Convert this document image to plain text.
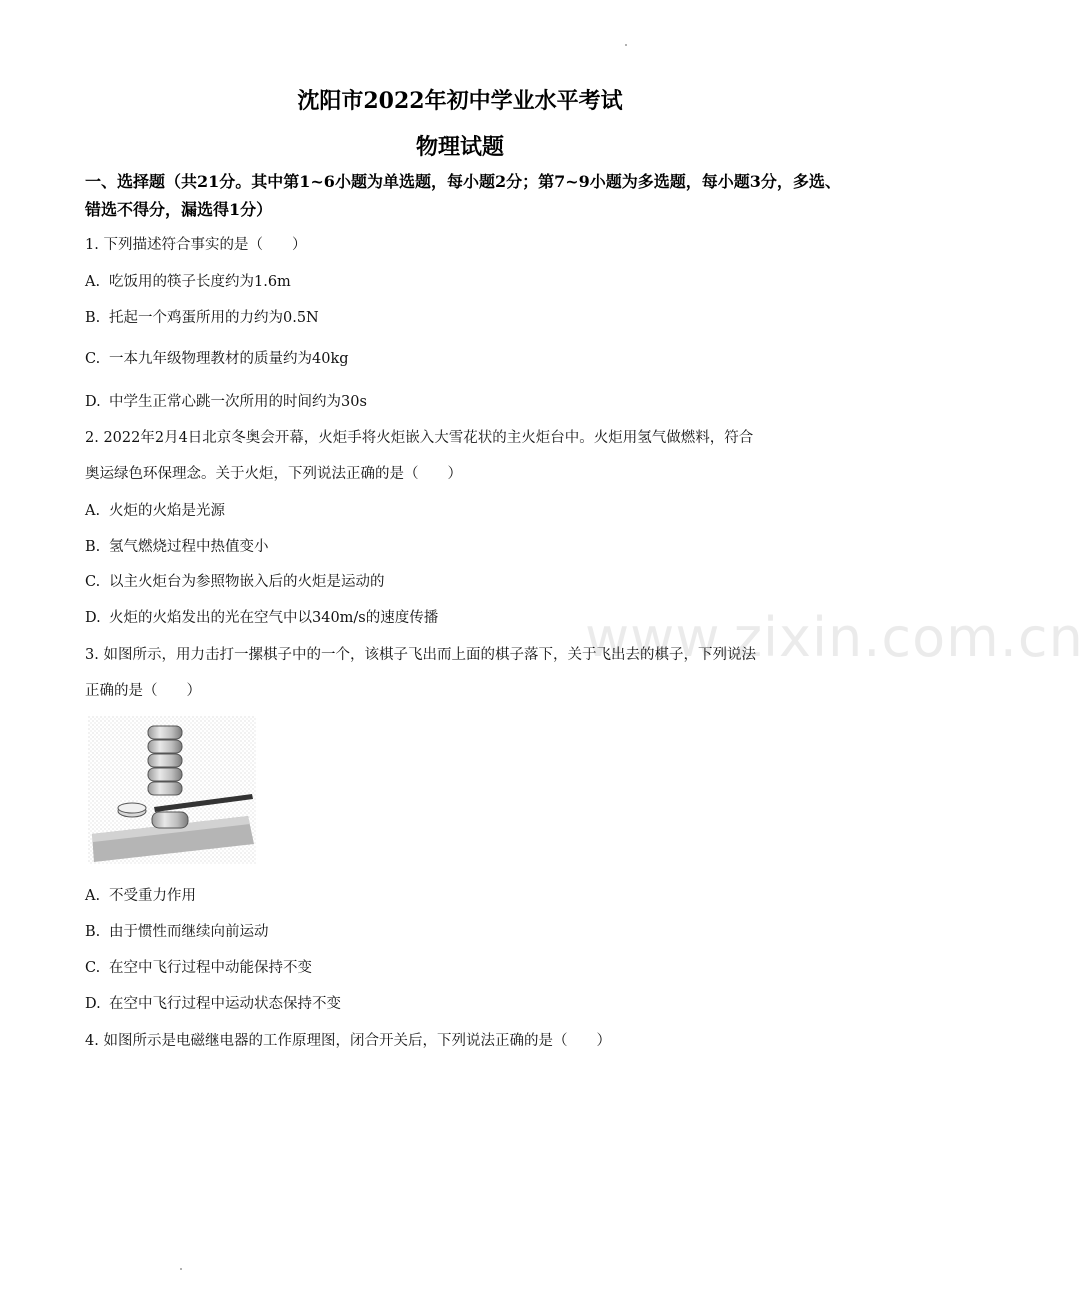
www.zixin.com.cn
沈阳市2022年初中学业水平考试
物理试题
一、选择题（共21分。其中第1~6小题为单选题，每小题2分；第7~9小题为多选题，每小题3分，多选、错选不得分，漏选得1分）
1. 下列描述符合事实的是（　　）
A. 吃饭用的筷子长度约为1.6m
B. 托起一个鸡蛋所用的力约为0.5N
C. 一本九年级物理教材的质量约为40kg
D. 中学生正常心跳一次所用的时间约为30s
2. 2022年2月4日北京冬奥会开幕，火炬手将火炬嵌入大雪花状的主火炬台中。火炬用氢气做燃料，符合
奥运绿色环保理念。关于火炬，下列说法正确的是（　　）
A. 火炬的火焰是光源
B. 氢气燃烧过程中热值变小
C. 以主火炬台为参照物嵌入后的火炬是运动的
D. 火炬的火焰发出的光在空气中以340m/s的速度传播
3. 如图所示，用力击打一摞棋子中的一个，该棋子飞出而上面的棋子落下，关于飞出去的棋子，下列说法
正确的是（　　）
A. 不受重力作用
B. 由于惯性而继续向前运动
C. 在空中飞行过程中动能保持不变
D. 在空中飞行过程中运动状态保持不变
4. 如图所示是电磁继电器的工作原理图，闭合开关后，下列说法正确的是（　　）
